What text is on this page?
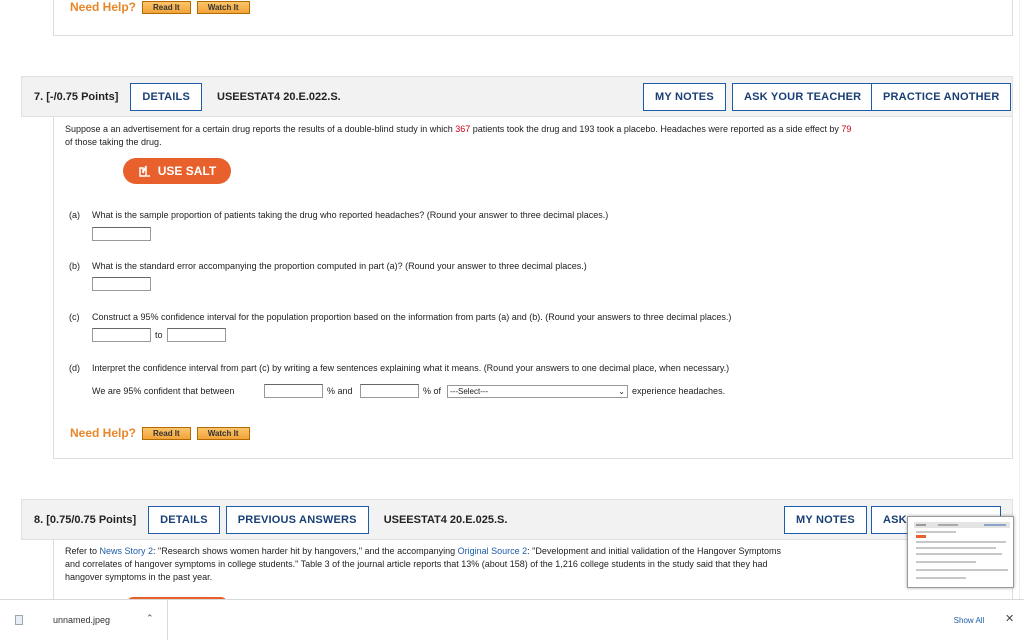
Need Help?	Read It	Watch It
7. [-/0.75 Points]	DETAILS	USEESTAT4 20.E.022.S.	MY NOTES	ASK YOUR TEACHER	PRACTICE ANOTHER
Suppose a an advertisement for a certain drug reports the results of a double-blind study in which 367 patients took the drug and 193 took a placebo. Headaches were reported as a side effect by 79
of those taking the drug.
USE SALT
(a) What is the sample proportion of patients taking the drug who reported headaches? (Round your answer to three decimal places.)
(b) What is the standard error accompanying the proportion computed in part (a)? (Round your answer to three decimal places.)
(c) Construct a 95% confidence interval for the population proportion based on the information from parts (a) and (b). (Round your answers to three decimal places.)
to
(d) Interpret the confidence interval from part (c) by writing a few sentences explaining what it means. (Round your answers to one decimal place, when necessary.)
We are 95% confident that between	% and	% of	---Select---	⌄ experience headaches.
Need Help?	Read It	Watch It
8. [0.75/0.75 Points]	DETAILS	PREVIOUS ANSWERS	USEESTAT4 20.E.025.S.	MY NOTES	ASK
Refer to News Story 2: "Research shows women harder hit by hangovers," and the accompanying Original Source 2: "Development and initial validation of the Hangover Symptoms
and correlates of hangover symptoms in college students." Table 3 of the journal article reports that 13% (about 158) of the 1,216 college students in the study said that they had
hangover symptoms in the past year.
unnamed.jpeg	⌃	Show All	✕
